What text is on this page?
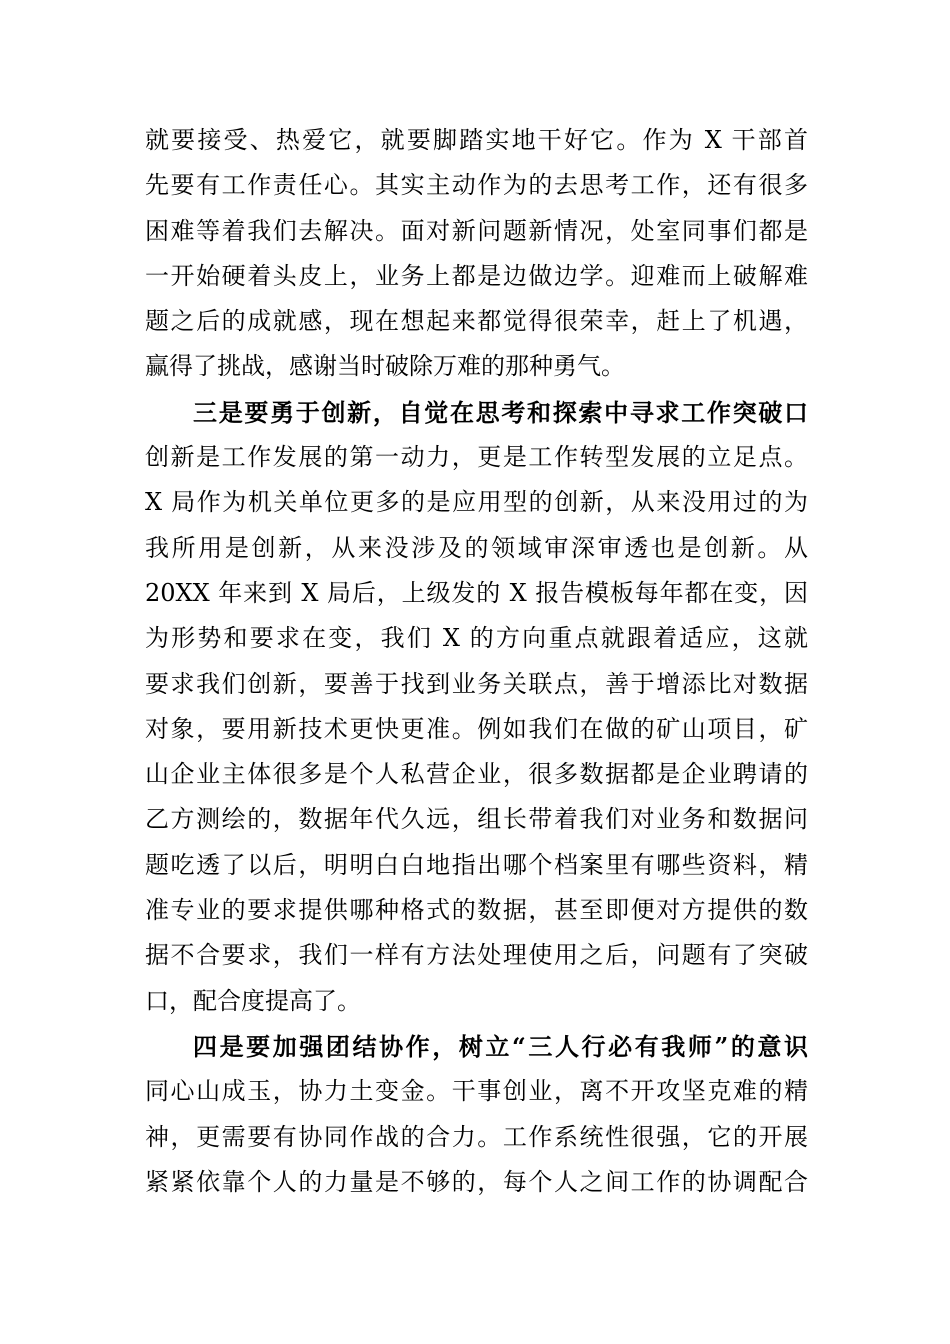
就要接受、热爱它，就要脚踏实地干好它。作为 X 干部首
先要有工作责任心。其实主动作为的去思考工作，还有很多
困难等着我们去解决。面对新问题新情况，处室同事们都是
一开始硬着头皮上，业务上都是边做边学。迎难而上破解难
题之后的成就感，现在想起来都觉得很荣幸，赶上了机遇，
赢得了挑战，感谢当时破除万难的那种勇气。
三是要勇于创新，自觉在思考和探索中寻求工作突破口
创新是工作发展的第一动力，更是工作转型发展的立足点。
X 局作为机关单位更多的是应用型的创新，从来没用过的为
我所用是创新，从来没涉及的领域审深审透也是创新。从
20XX 年来到 X 局后，上级发的 X 报告模板每年都在变，因
为形势和要求在变，我们 X 的方向重点就跟着适应，这就
要求我们创新，要善于找到业务关联点，善于增添比对数据
对象，要用新技术更快更准。例如我们在做的矿山项目，矿
山企业主体很多是个人私营企业，很多数据都是企业聘请的
乙方测绘的，数据年代久远，组长带着我们对业务和数据问
题吃透了以后，明明白白地指出哪个档案里有哪些资料，精
准专业的要求提供哪种格式的数据，甚至即便对方提供的数
据不合要求，我们一样有方法处理使用之后，问题有了突破
口，配合度提高了。
四是要加强团结协作，树立“三人行必有我师”的意识
同心山成玉，协力土变金。干事创业，离不开攻坚克难的精
神，更需要有协同作战的合力。工作系统性很强，它的开展
紧紧依靠个人的力量是不够的，每个人之间工作的协调配合
